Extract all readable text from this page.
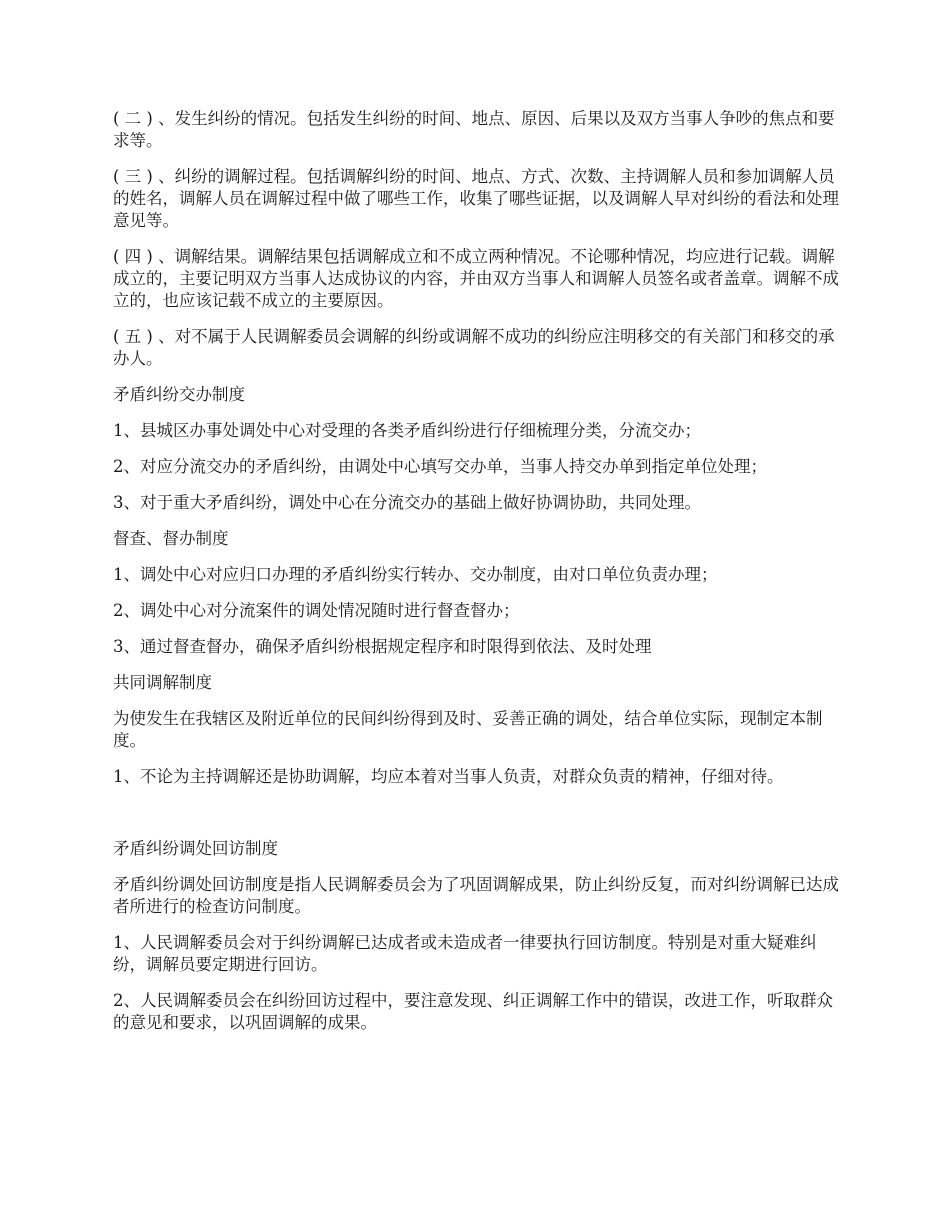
( 二 ) 、发生纠纷的情况。包括发生纠纷的时间、地点、原因、后果以及双方当事人争吵的焦点和要求等。

( 三 ) 、纠纷的调解过程。包括调解纠纷的时间、地点、方式、次数、主持调解人员和参加调解人员的姓名，调解人员在调解过程中做了哪些工作，收集了哪些证据，以及调解人早对纠纷的看法和处理意见等。

( 四 ) 、调解结果。调解结果包括调解成立和不成立两种情况。不论哪种情况，均应进行记载。调解成立的，主要记明双方当事人达成协议的内容，并由双方当事人和调解人员签名或者盖章。调解不成立的，也应该记载不成立的主要原因。

( 五 ) 、对不属于人民调解委员会调解的纠纷或调解不成功的纠纷应注明移交的有关部门和移交的承办人。

矛盾纠纷交办制度

1、县城区办事处调处中心对受理的各类矛盾纠纷进行仔细梳理分类，分流交办；

2、对应分流交办的矛盾纠纷，由调处中心填写交办单，当事人持交办单到指定单位处理；

3、对于重大矛盾纠纷，调处中心在分流交办的基础上做好协调协助，共同处理。

督查、督办制度

1、调处中心对应归口办理的矛盾纠纷实行转办、交办制度，由对口单位负责办理；

2、调处中心对分流案件的调处情况随时进行督查督办；

3、通过督查督办，确保矛盾纠纷根据规定程序和时限得到依法、及时处理

共同调解制度

为使发生在我辖区及附近单位的民间纠纷得到及时、妥善正确的调处，结合单位实际，现制定本制度。

1、不论为主持调解还是协助调解，均应本着对当事人负责，对群众负责的精神，仔细对待。

矛盾纠纷调处回访制度

矛盾纠纷调处回访制度是指人民调解委员会为了巩固调解成果，防止纠纷反复，而对纠纷调解已达成者所进行的检查访问制度。

1、人民调解委员会对于纠纷调解已达成者或未造成者一律要执行回访制度。特别是对重大疑难纠纷，调解员要定期进行回访。

2、人民调解委员会在纠纷回访过程中，要注意发现、纠正调解工作中的错误，改进工作，听取群众的意见和要求，以巩固调解的成果。
